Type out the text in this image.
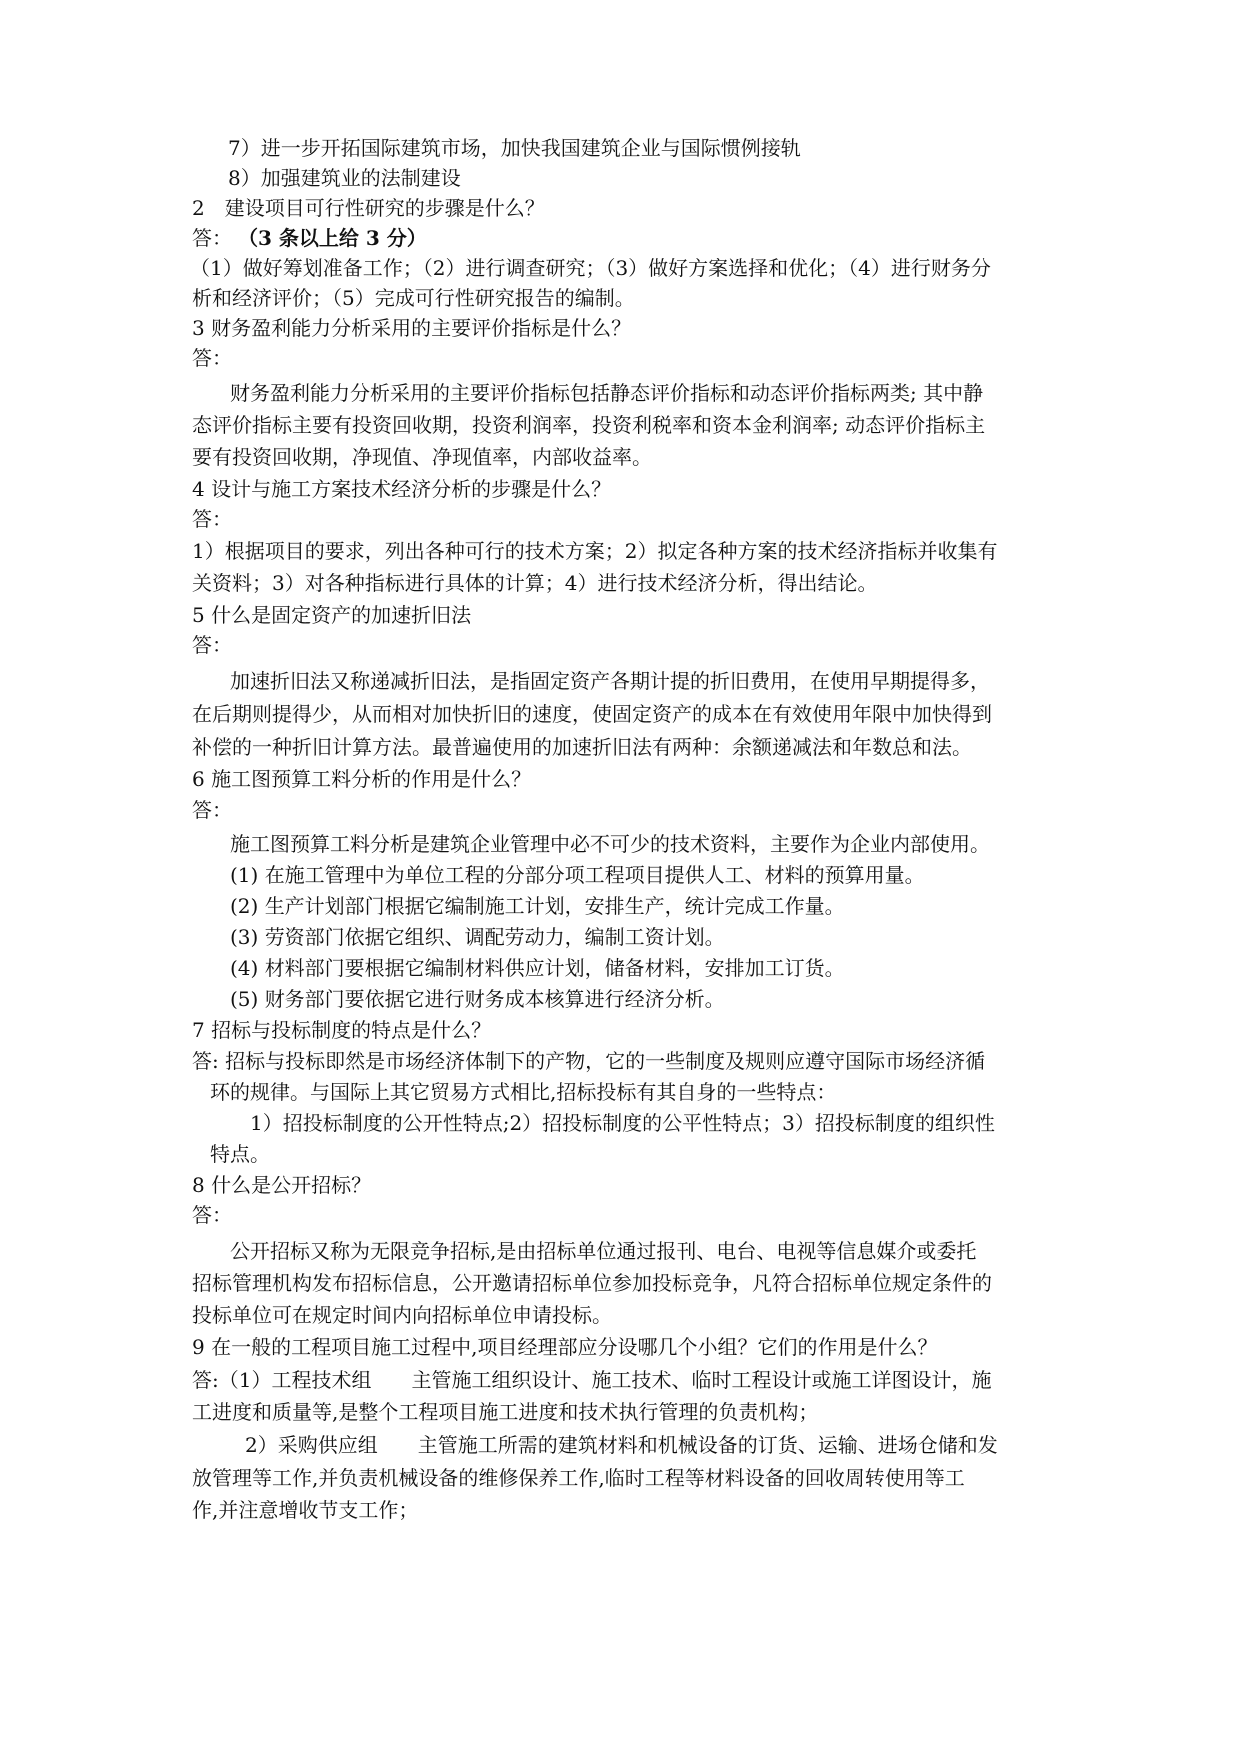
7）进一步开拓国际建筑市场，加快我国建筑企业与国际惯例接轨
8）加强建筑业的法制建设
2　建设项目可行性研究的步骤是什么？
答： （3 条以上给 3 分）
（1）做好筹划准备工作；（2）进行调查研究；（3）做好方案选择和优化；（4）进行财务分
析和经济评价；（5）完成可行性研究报告的编制。
3 财务盈利能力分析采用的主要评价指标是什么？
答：
财务盈利能力分析采用的主要评价指标包括静态评价指标和动态评价指标两类; 其中静
态评价指标主要有投资回收期，投资利润率，投资利税率和资本金利润率; 动态评价指标主
要有投资回收期，净现值、净现值率，内部收益率。
4 设计与施工方案技术经济分析的步骤是什么？
答：
1）根据项目的要求，列出各种可行的技术方案；2）拟定各种方案的技术经济指标并收集有
关资料；3）对各种指标进行具体的计算；4）进行技术经济分析，得出结论。
5 什么是固定资产的加速折旧法
答：
加速折旧法又称递减折旧法，是指固定资产各期计提的折旧费用，在使用早期提得多，
在后期则提得少，从而相对加快折旧的速度，使固定资产的成本在有效使用年限中加快得到
补偿的一种折旧计算方法。最普遍使用的加速折旧法有两种：余额递减法和年数总和法。
6 施工图预算工料分析的作用是什么？
答：
施工图预算工料分析是建筑企业管理中必不可少的技术资料，主要作为企业内部使用。
(1) 在施工管理中为单位工程的分部分项工程项目提供人工、材料的预算用量。
(2) 生产计划部门根据它编制施工计划，安排生产，统计完成工作量。
(3) 劳资部门依据它组织、调配劳动力，编制工资计划。
(4) 材料部门要根据它编制材料供应计划，储备材料，安排加工订货。
(5) 财务部门要依据它进行财务成本核算进行经济分析。
7 招标与投标制度的特点是什么？
答: 招标与投标即然是市场经济体制下的产物，它的一些制度及规则应遵守国际市场经济循
环的规律。与国际上其它贸易方式相比,招标投标有其自身的一些特点：
1）招投标制度的公开性特点;2）招投标制度的公平性特点；3）招投标制度的组织性
特点。
8 什么是公开招标？
答：
公开招标又称为无限竞争招标,是由招标单位通过报刊、电台、电视等信息媒介或委托
招标管理机构发布招标信息，公开邀请招标单位参加投标竞争，凡符合招标单位规定条件的
投标单位可在规定时间内向招标单位申请投标。
9 在一般的工程项目施工过程中,项目经理部应分设哪几个小组？它们的作用是什么？
答:（1）工程技术组　　主管施工组织设计、施工技术、临时工程设计或施工详图设计，施
工进度和质量等,是整个工程项目施工进度和技术执行管理的负责机构；
2）采购供应组　　主管施工所需的建筑材料和机械设备的订货、运输、进场仓储和发
放管理等工作,并负责机械设备的维修保养工作,临时工程等材料设备的回收周转使用等工
作,并注意增收节支工作；
